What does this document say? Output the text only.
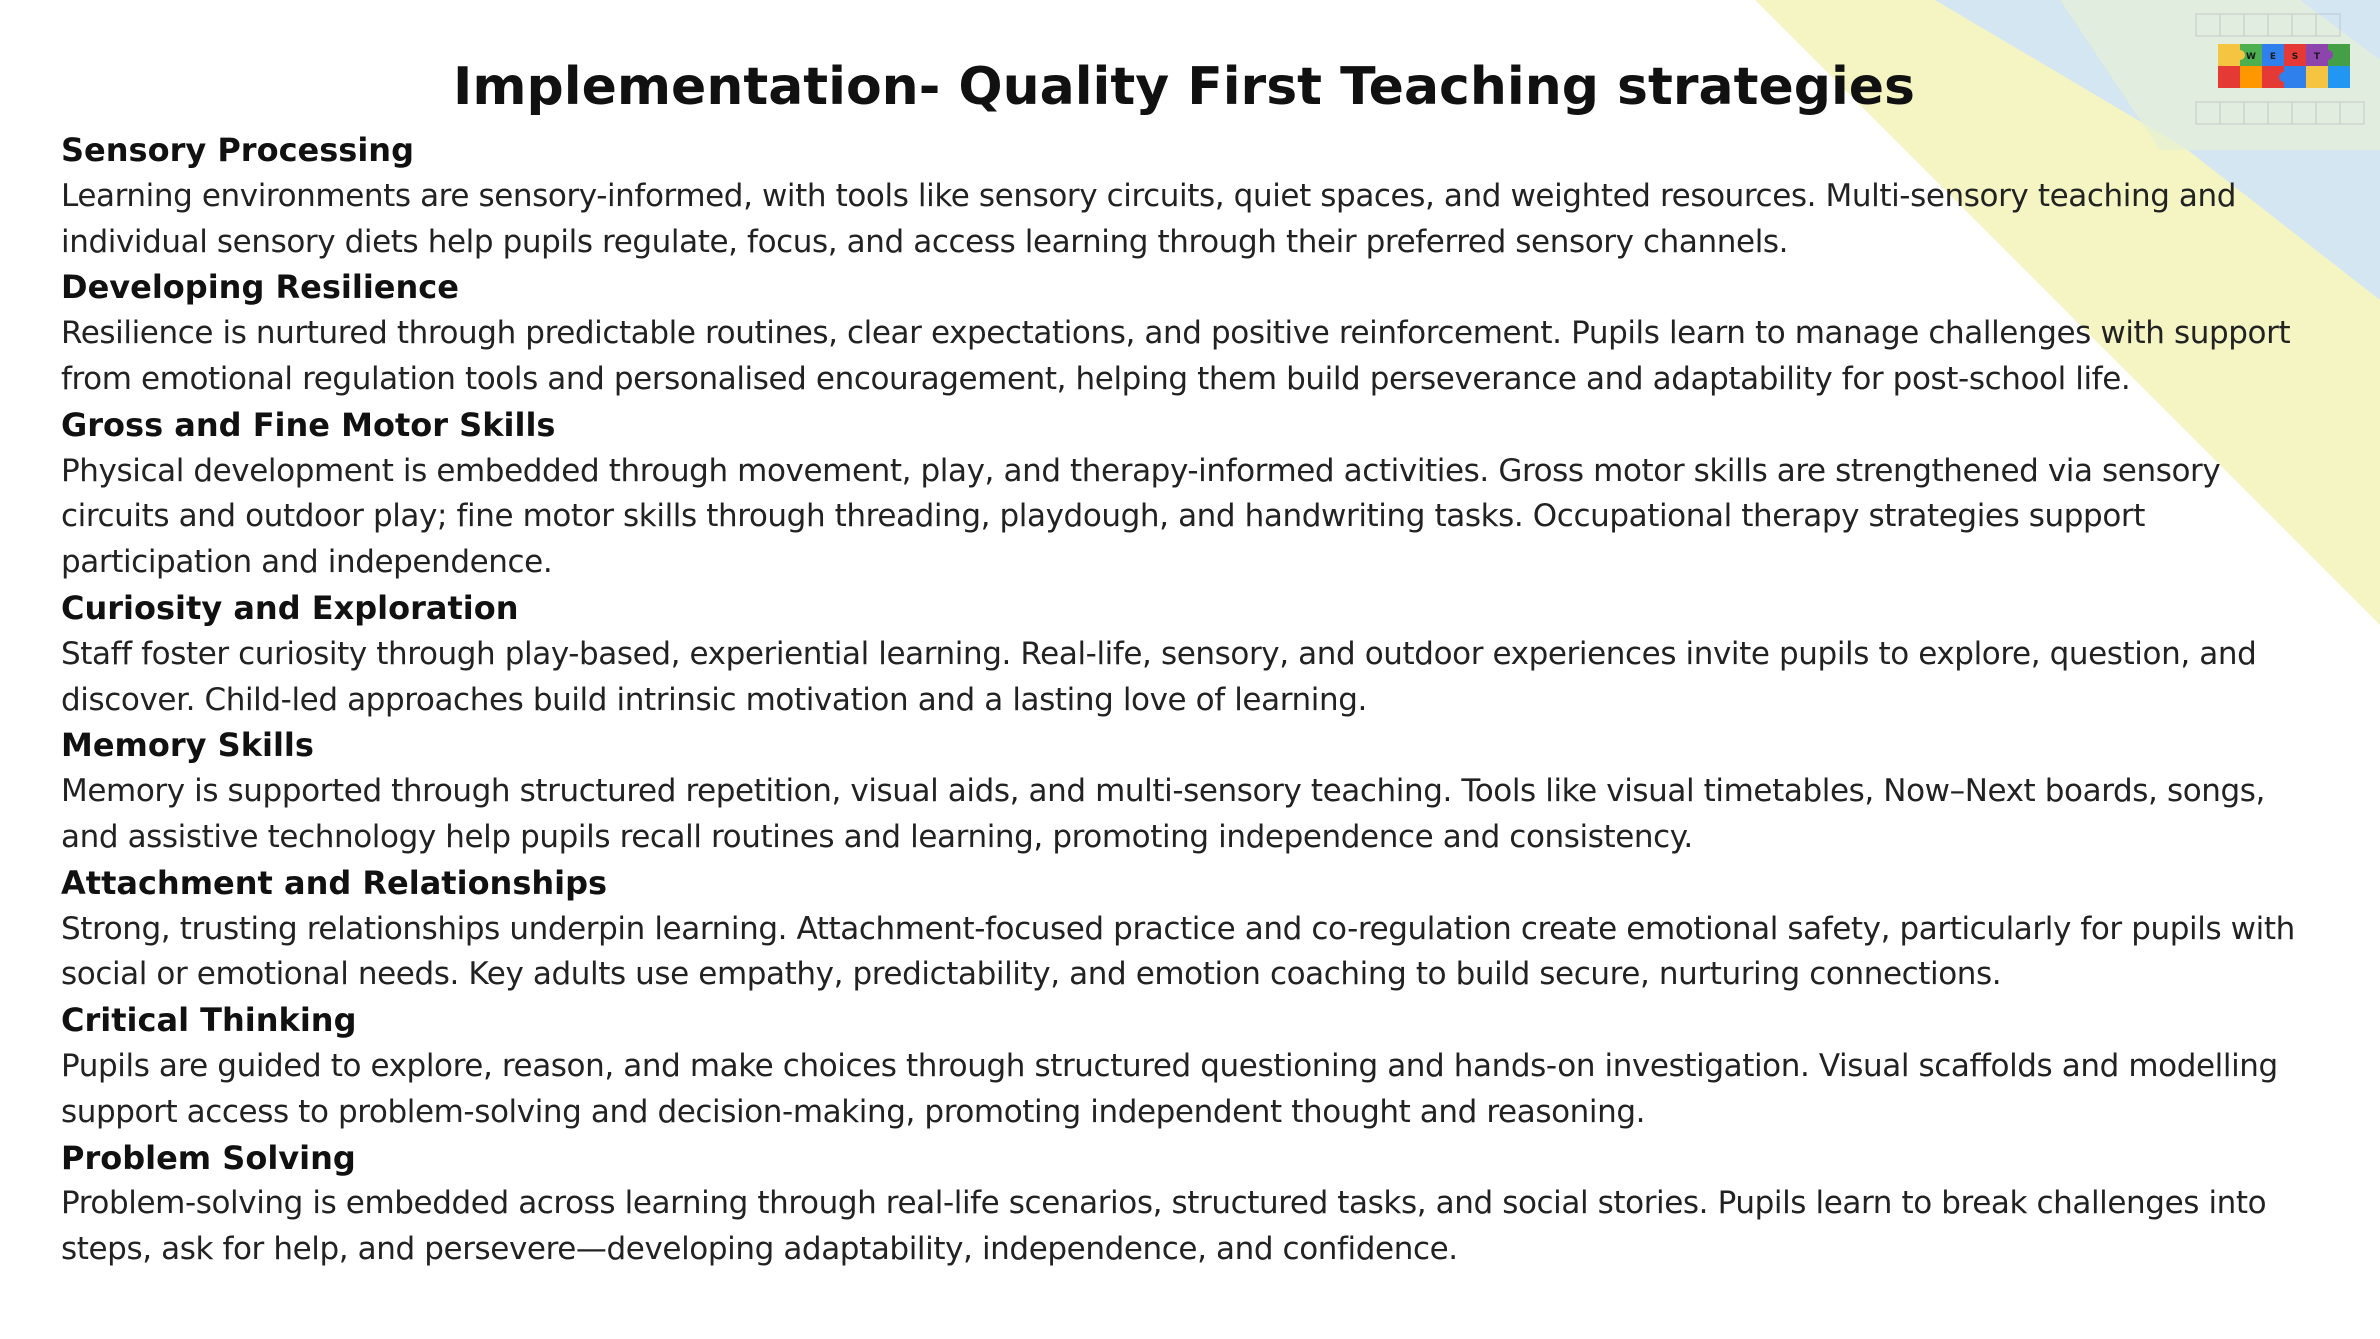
W E S T
Implementation- Quality First Teaching strategies

Sensory Processing

Learning environments are sensory-informed, with tools like sensory circuits, quiet spaces, and weighted resources. Multi-sensory teaching and individual sensory diets help pupils regulate, focus, and access learning through their preferred sensory channels.

Developing Resilience

Resilience is nurtured through predictable routines, clear expectations, and positive reinforcement. Pupils learn to manage challenges with support from emotional regulation tools and personalised encouragement, helping them build perseverance and adaptability for post-school life.

Gross and Fine Motor Skills

Physical development is embedded through movement, play, and therapy-informed activities. Gross motor skills are strengthened via sensory circuits and outdoor play; fine motor skills through threading, playdough, and handwriting tasks. Occupational therapy strategies support participation and independence.

Curiosity and Exploration

Staff foster curiosity through play-based, experiential learning. Real-life, sensory, and outdoor experiences invite pupils to explore, question, and discover. Child-led approaches build intrinsic motivation and a lasting love of learning.

Memory Skills

Memory is supported through structured repetition, visual aids, and multi-sensory teaching. Tools like visual timetables, Now–Next boards, songs, and assistive technology help pupils recall routines and learning, promoting independence and consistency.

Attachment and Relationships

Strong, trusting relationships underpin learning. Attachment-focused practice and co-regulation create emotional safety, particularly for pupils with social or emotional needs. Key adults use empathy, predictability, and emotion coaching to build secure, nurturing connections.

Critical Thinking

Pupils are guided to explore, reason, and make choices through structured questioning and hands-on investigation. Visual scaffolds and modelling support access to problem-solving and decision-making, promoting independent thought and reasoning.

Problem Solving

Problem-solving is embedded across learning through real-life scenarios, structured tasks, and social stories. Pupils learn to break challenges into steps, ask for help, and persevere—developing adaptability, independence, and confidence.
